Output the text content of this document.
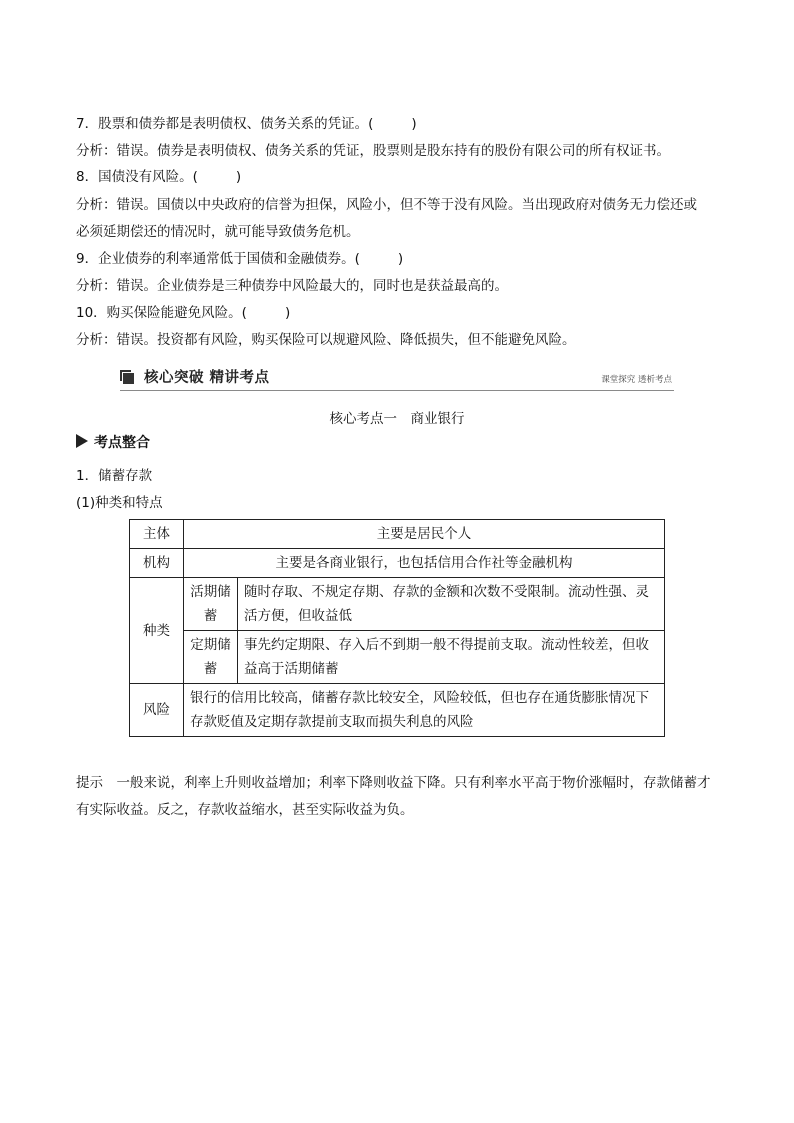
7．股票和债券都是表明债权、债务关系的凭证。(	)
分析：错误。债券是表明债权、债务关系的凭证，股票则是股东持有的股份有限公司的所有权证书。
8．国债没有风险。(	)
分析：错误。国债以中央政府的信誉为担保，风险小，但不等于没有风险。当出现政府对债务无力偿还或
必须延期偿还的情况时，就可能导致债务危机。
9．企业债券的利率通常低于国债和金融债券。(	)
分析：错误。企业债券是三种债券中风险最大的，同时也是获益最高的。
10．购买保险能避免风险。(	)
分析：错误。投资都有风险，购买保险可以规避风险、降低损失，但不能避免风险。
核心突破 精讲考点	课堂探究 透析考点
核心考点一　商业银行
考点整合
1．储蓄存款
(1)种类和特点
主体	主要是居民个人	
机构	主要是各商业银行，也包括信用合作社等金融机构	
种类	活期储蓄	随时存取、不规定存期、存款的金额和次数不受限制。流动性强、灵活方便，但收益低
	定期储蓄	事先约定期限、存入后不到期一般不得提前支取。流动性较差，但收益高于活期储蓄
风险	银行的信用比较高，储蓄存款比较安全，风险较低，但也存在通货膨胀情况下存款贬值及定期存款提前支取而损失利息的风险	
提示　一般来说，利率上升则收益增加；利率下降则收益下降。只有利率水平高于物价涨幅时，存款储蓄才有实际收益。反之，存款收益缩水，甚至实际收益为负。
